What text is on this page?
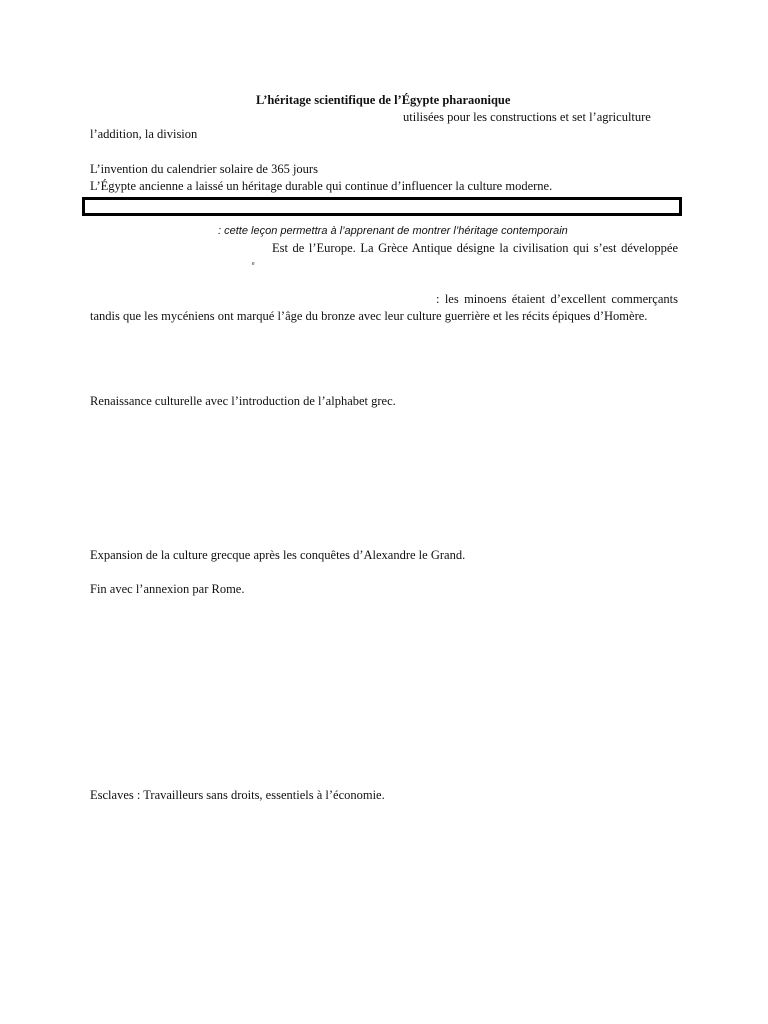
L’héritage scientifique de l’Égypte pharaonique
utilisées pour les constructions et set l’agriculture
l’addition, la division
L’invention du calendrier solaire de 365 jours
L’Égypte ancienne a laissé un héritage durable qui continue d’influencer la culture moderne.
: cette leçon permettra à l’apprenant de montrer l’héritage contemporain
Est de l’Europe. La Grèce Antique désigne la civilisation qui s’est développée
e
: les minoens étaient d’excellent commerçants
tandis que les mycéniens ont marqué l’âge du bronze avec leur culture guerrière et les récits épiques d’Homère.
Renaissance culturelle avec l’introduction de l’alphabet grec.
Expansion de la culture grecque après les conquêtes d’Alexandre le Grand.
Fin avec l’annexion par Rome.
Esclaves : Travailleurs sans droits, essentiels à l’économie.
